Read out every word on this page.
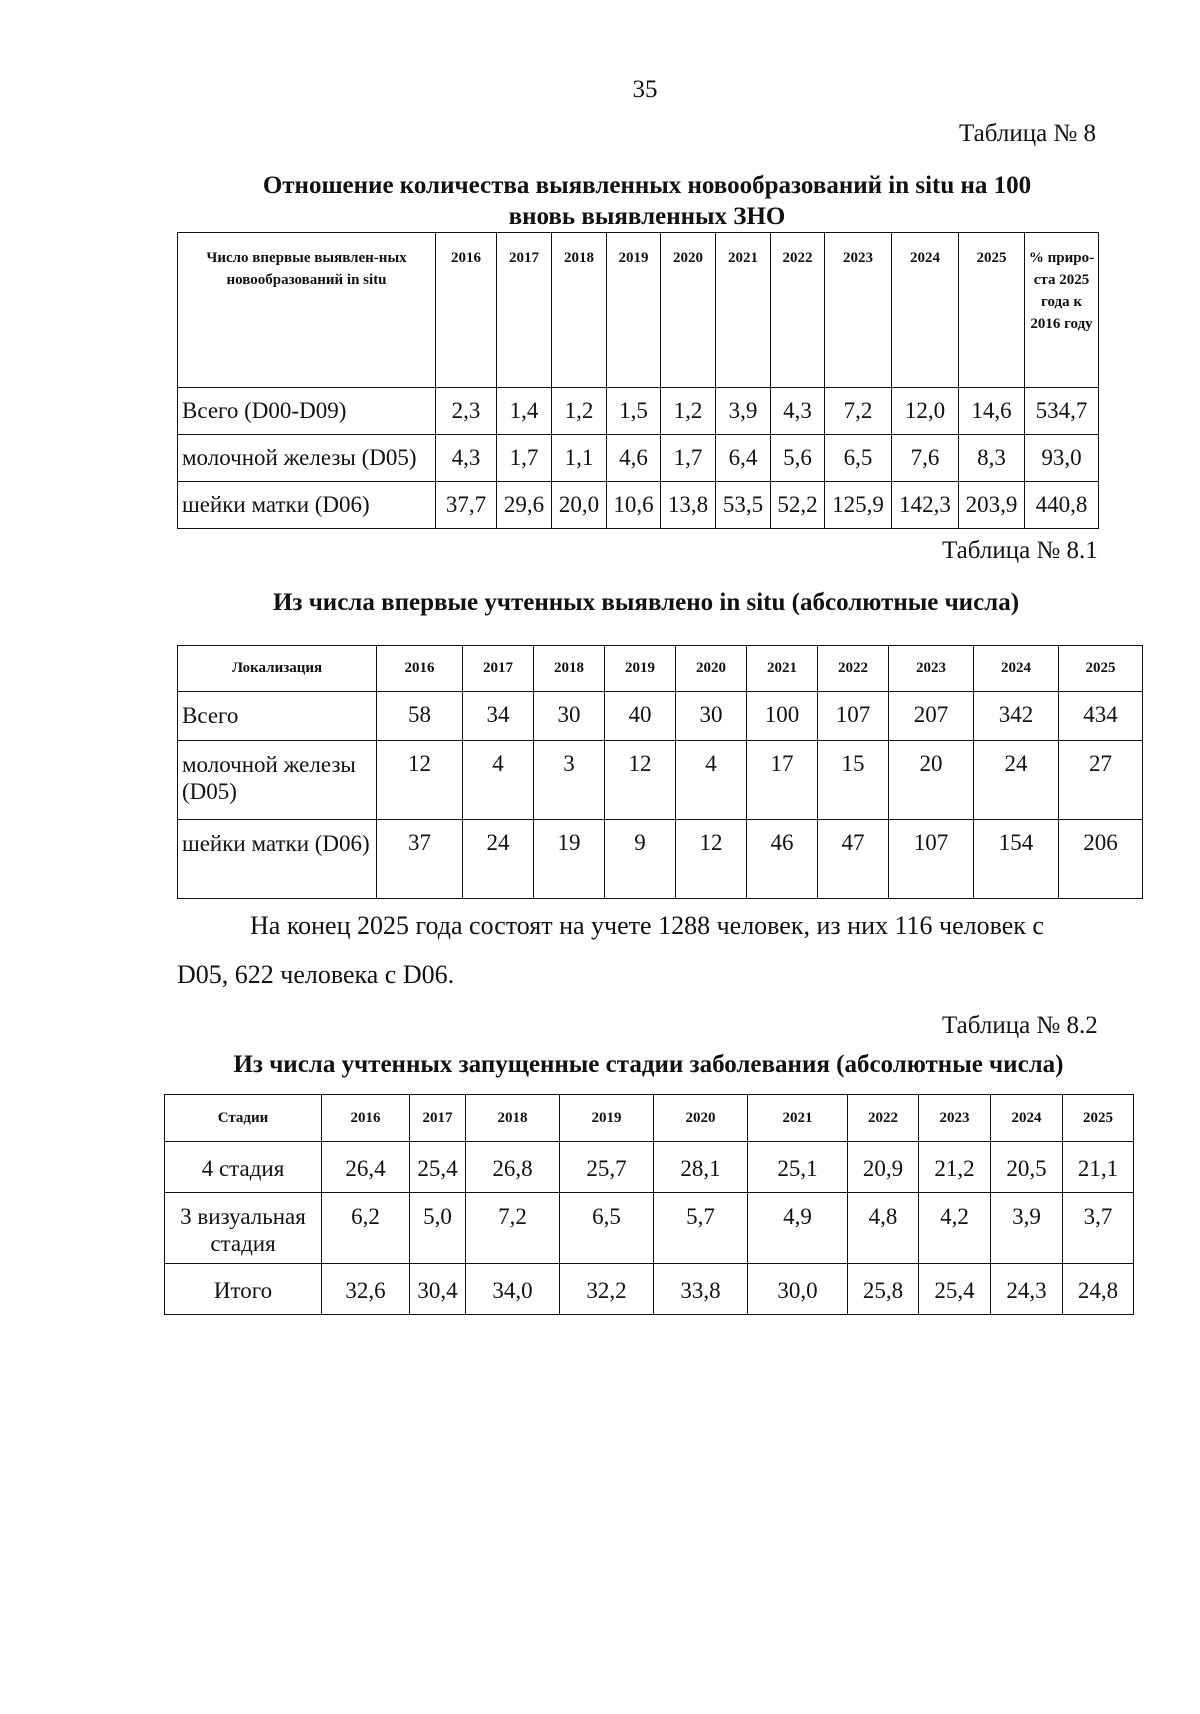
35
Таблица № 8
Отношение количества выявленных новообразований in situ на 100
вновь выявленных ЗНО
Число впервые выявлен-ных новообразований in situ	2016	2017	2018	2019	2020	2021	2022	2023	2024	2025	% приро-ста 2025 года к 2016 году
Всего (D00-D09)	2,3	1,4	1,2	1,5	1,2	3,9	4,3	7,2	12,0	14,6	534,7
молочной железы (D05)	4,3	1,7	1,1	4,6	1,7	6,4	5,6	6,5	7,6	8,3	93,0
шейки матки (D06)	37,7	29,6	20,0	10,6	13,8	53,5	52,2	125,9	142,3	203,9	440,8
Таблица № 8.1
Из числа впервые учтенных выявлено in situ (абсолютные числа)
Локализация	2016	2017	2018	2019	2020	2021	2022	2023	2024	2025
Всего	58	34	30	40	30	100	107	207	342	434
молочной железы (D05)	12	4	3	12	4	17	15	20	24	27
шейки матки (D06)	37	24	19	9	12	46	47	107	154	206
На конец 2025 года состоят на учете 1288 человек, из них 116 человек с
D05, 622 человека с D06.
Таблица № 8.2
Из числа учтенных запущенные стадии заболевания (абсолютные числа)
Стадии	2016	2017	2018	2019	2020	2021	2022	2023	2024	2025
4 стадия	26,4	25,4	26,8	25,7	28,1	25,1	20,9	21,2	20,5	21,1
3 визуальная стадия	6,2	5,0	7,2	6,5	5,7	4,9	4,8	4,2	3,9	3,7
Итого	32,6	30,4	34,0	32,2	33,8	30,0	25,8	25,4	24,3	24,8
